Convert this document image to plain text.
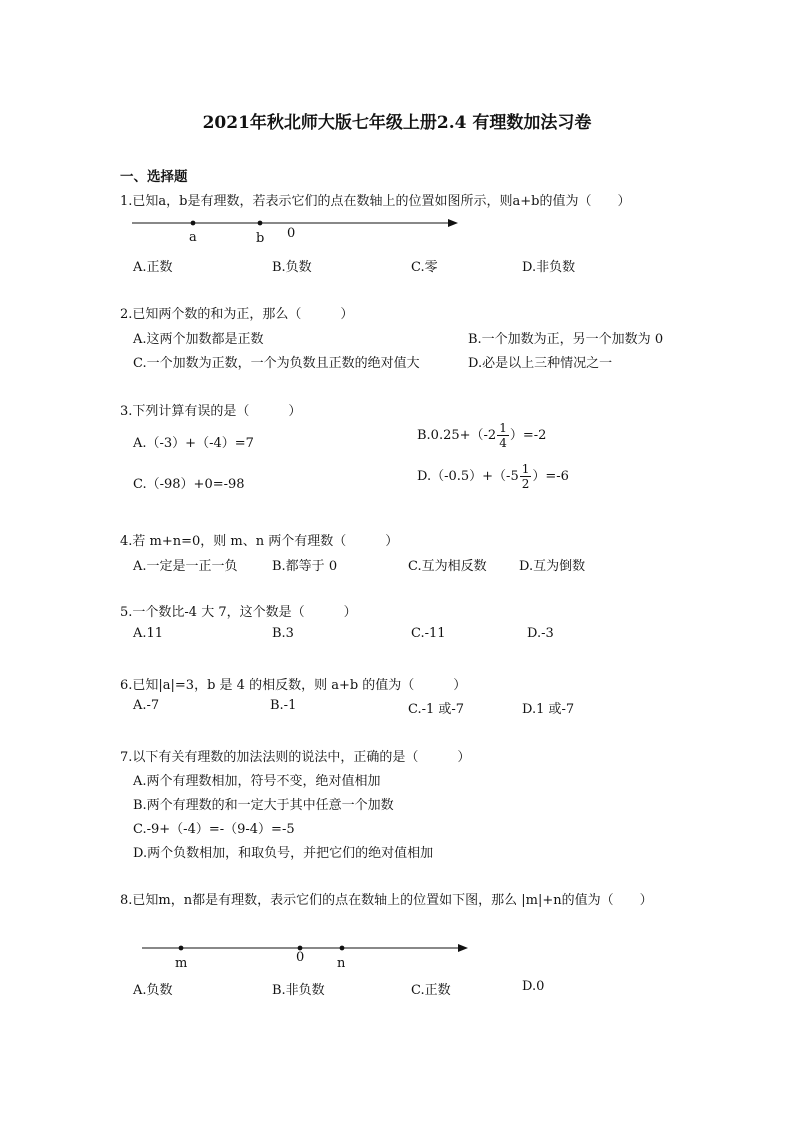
2021年秋北师大版七年级上册2.4 有理数加法习卷
一、选择题
1.已知a，b是有理数，若表示它们的点在数轴上的位置如图所示，则a+b的值为（　　）
a	b 0
A.正数	B.负数	C.零	D.非负数
2.已知两个数的和为正，那么（　　　）
A.这两个加数都是正数	B.一个加数为正，另一个加数为 0
C.一个加数为正数，一个为负数且正数的绝对值大	D.必是以上三种情况之一
3.下列计算有误的是（　　　）
A.（-3）+（-4）=7
$B.0.25+(-2 \frac{1}{4} )=-2$
C.（-98）+0=-98
$D.(-0.5)+(-5 \frac{1}{2} )=-6$
4.若 m+n=0，则 m、n 两个有理数（　　　）
A.一定是一正一负	B.都等于 0	C.互为相反数 D.互为倒数
5.一个数比-4 大 7，这个数是（　　　）
A.11	B.3	C.-11	D.-3
6.已知|a|=3，b 是 4 的相反数，则 a+b 的值为（　　　）
A.-7	B.-1	C.-1 或-7	D.1 或-7
7.以下有关有理数的加法法则的说法中，正确的是（　　　）
A.两个有理数相加，符号不变，绝对值相加
B.两个有理数的和一定大于其中任意一个加数
C.-9+（-4）=-（9-4）=-5
D.两个负数相加，和取负号，并把它们的绝对值相加
8.已知m，n都是有理数，表示它们的点在数轴上的位置如下图，那么 |m|+n的值为（　　）
m	0	n
A.负数	B.非负数	C.正数	D.0
